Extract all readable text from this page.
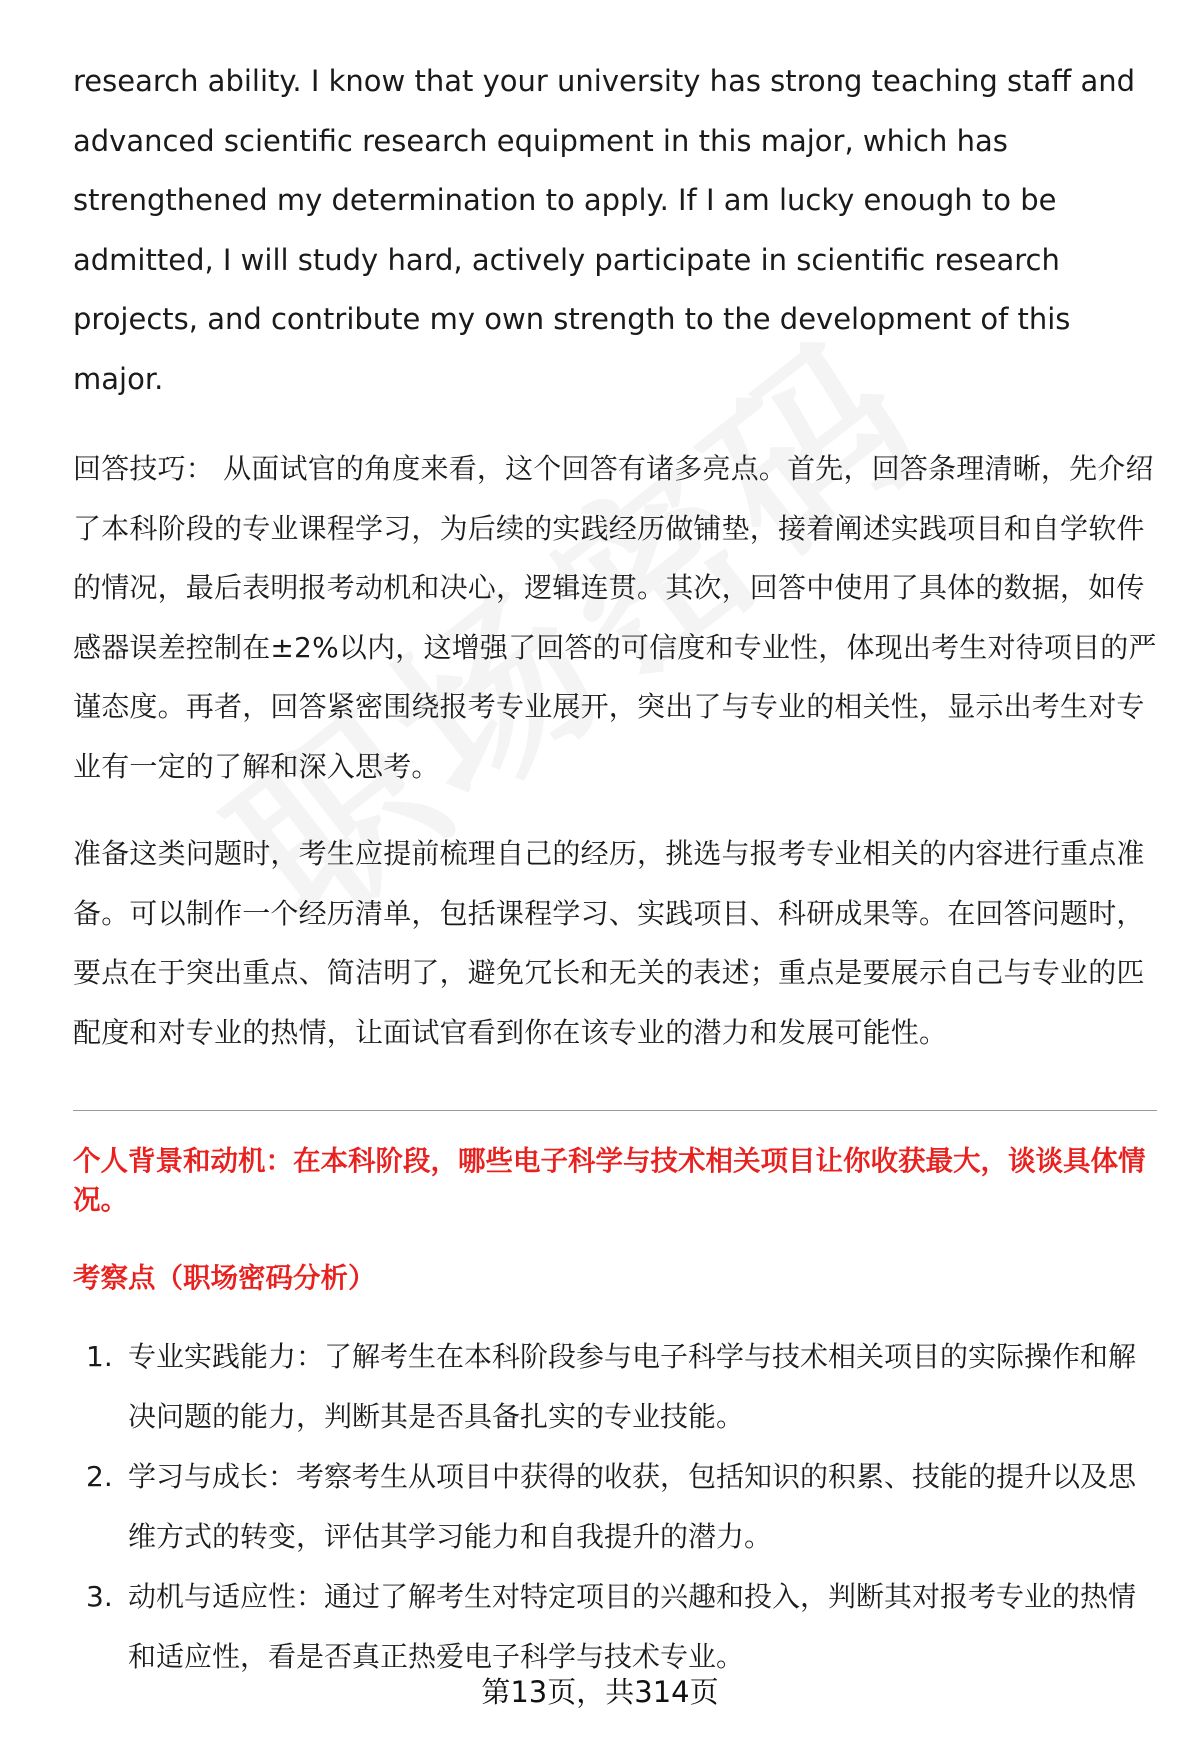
research ability. I know that your university has strong teaching staff and advanced scientific research equipment in this major, which has strengthened my determination to apply. If I am lucky enough to be admitted, I will study hard, actively participate in scientific research projects, and contribute my own strength to the development of this major.

回答技巧： 从面试官的角度来看，这个回答有诸多亮点。首先，回答条理清晰，先介绍了本科阶段的专业课程学习，为后续的实践经历做铺垫，接着阐述实践项目和自学软件的情况，最后表明报考动机和决心，逻辑连贯。其次，回答中使用了具体的数据，如传感器误差控制在±2%以内，这增强了回答的可信度和专业性，体现出考生对待项目的严谨态度。再者，回答紧密围绕报考专业展开，突出了与专业的相关性，显示出考生对专业有一定的了解和深入思考。

准备这类问题时，考生应提前梳理自己的经历，挑选与报考专业相关的内容进行重点准备。可以制作一个经历清单，包括课程学习、实践项目、科研成果等。在回答问题时，要点在于突出重点、简洁明了，避免冗长和无关的表述；重点是要展示自己与专业的匹配度和对专业的热情，让面试官看到你在该专业的潜力和发展可能性。

个人背景和动机：在本科阶段，哪些电子科学与技术相关项目让你收获最大，谈谈具体情况。
考察点（职场密码分析）
1. 专业实践能力：了解考生在本科阶段参与电子科学与技术相关项目的实际操作和解决问题的能力，判断其是否具备扎实的专业技能。
2. 学习与成长：考察考生从项目中获得的收获，包括知识的积累、技能的提升以及思维方式的转变，评估其学习能力和自我提升的潜力。
3. 动机与适应性：通过了解考生对特定项目的兴趣和投入，判断其对报考专业的热情和适应性，看是否真正热爱电子科学与技术专业。
第13页，共314页
